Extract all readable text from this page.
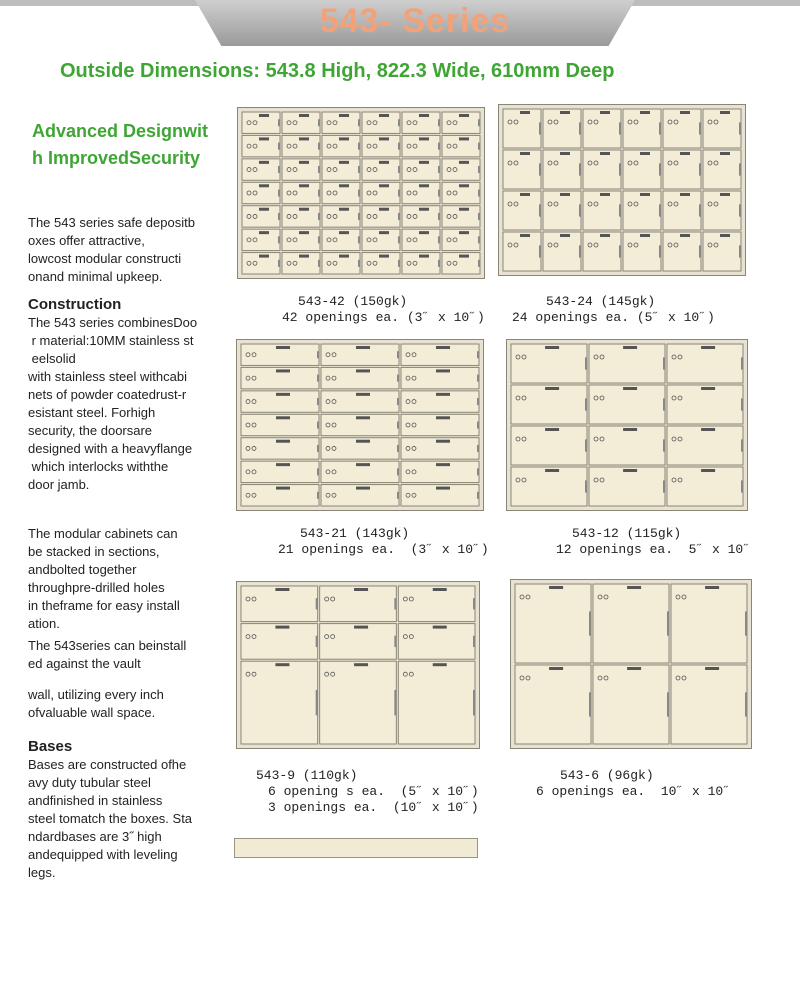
543- Series
Outside Dimensions: 543.8 High, 822.3 Wide, 610mm Deep
Advanced Designwit
h ImprovedSecurity
The 543 series safe depositb
oxes offer attractive,
lowcost modular constructi
onand minimal upkeep.
Construction
The 543 series combinesDoo
r material:10MM stainless st
eelsolid
with stainless steel withcabi
nets of powder coatedrust-r
esistant steel. Forhigh
security, the doorsare
designed with a heavyflange
which interlocks withthe
door jamb.
The modular cabinets can
be stacked in sections,
andbolted together
throughpre-drilled holes
in theframe for easy install
ation.
The 543series can beinstall
ed against the vault
wall, utilizing every inch
ofvaluable wall space.
Bases
Bases are constructed ofhe
avy duty tubular steel
andfinished in stainless
steel tomatch the boxes. Sta
ndardbases are 3˝ high
andequipped with leveling
legs.
543-42 (150gk)
42 openings ea. (3˝ x 10˝)
543-24 (145gk)
24 openings ea. (5˝ x 10˝)
543-21 (143gk)
21 openings ea.  (3˝ x 10˝)
543-12 (115gk)
12 openings ea.  5˝ x 10˝
543-9 (110gk)
6 opening s ea.  (5˝ x 10˝)
3 openings ea.  (10˝ x 10˝)
543-6 (96gk)
6 openings ea.  10˝ x 10˝
